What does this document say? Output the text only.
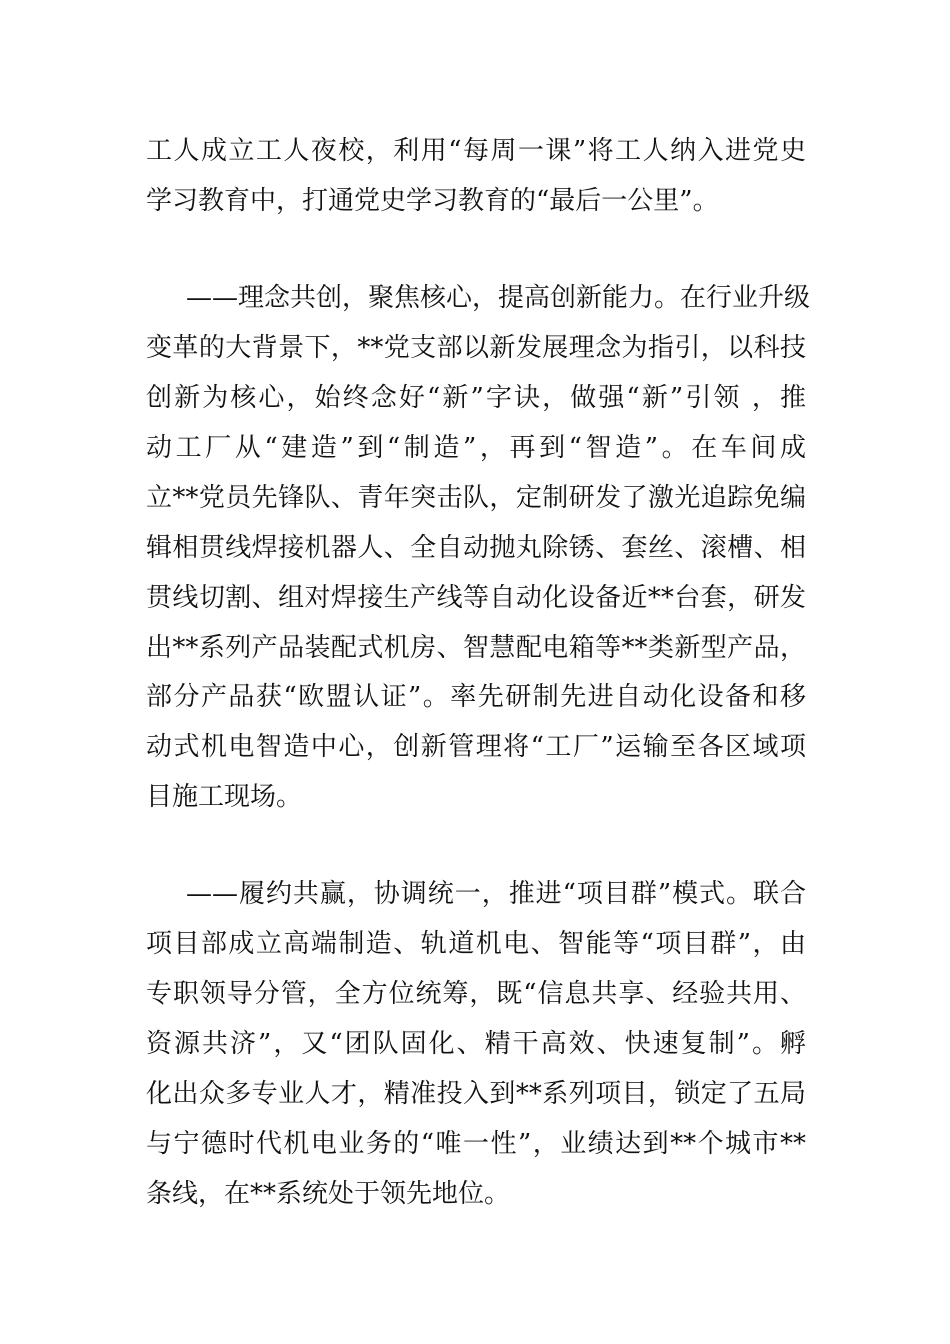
工人成立工人夜校，利用“每周一课”将工人纳入进党史
学习教育中，打通党史学习教育的“最后一公里”。
——理念共创，聚焦核心，提高创新能力。在行业升级
变革的大背景下，**党支部以新发展理念为指引，以科技
创新为核心，始终念好“新”字诀，做强“新”引领 ，推
动工厂从“建造”到“制造”，再到“智造”。在车间成
立**党员先锋队、青年突击队，定制研发了激光追踪免编
辑相贯线焊接机器人、全自动抛丸除锈、套丝、滚槽、相
贯线切割、组对焊接生产线等自动化设备近**台套，研发
出**系列产品装配式机房、智慧配电箱等**类新型产品，
部分产品获“欧盟认证”。率先研制先进自动化设备和移
动式机电智造中心，创新管理将“工厂”运输至各区域项
目施工现场。
——履约共赢，协调统一，推进“项目群”模式。联合
项目部成立高端制造、轨道机电、智能等“项目群”，由
专职领导分管，全方位统筹，既“信息共享、经验共用、
资源共济”，又“团队固化、精干高效、快速复制”。孵
化出众多专业人才，精准投入到**系列项目，锁定了五局
与宁德时代机电业务的“唯一性”，业绩达到**个城市**
条线，在**系统处于领先地位。
